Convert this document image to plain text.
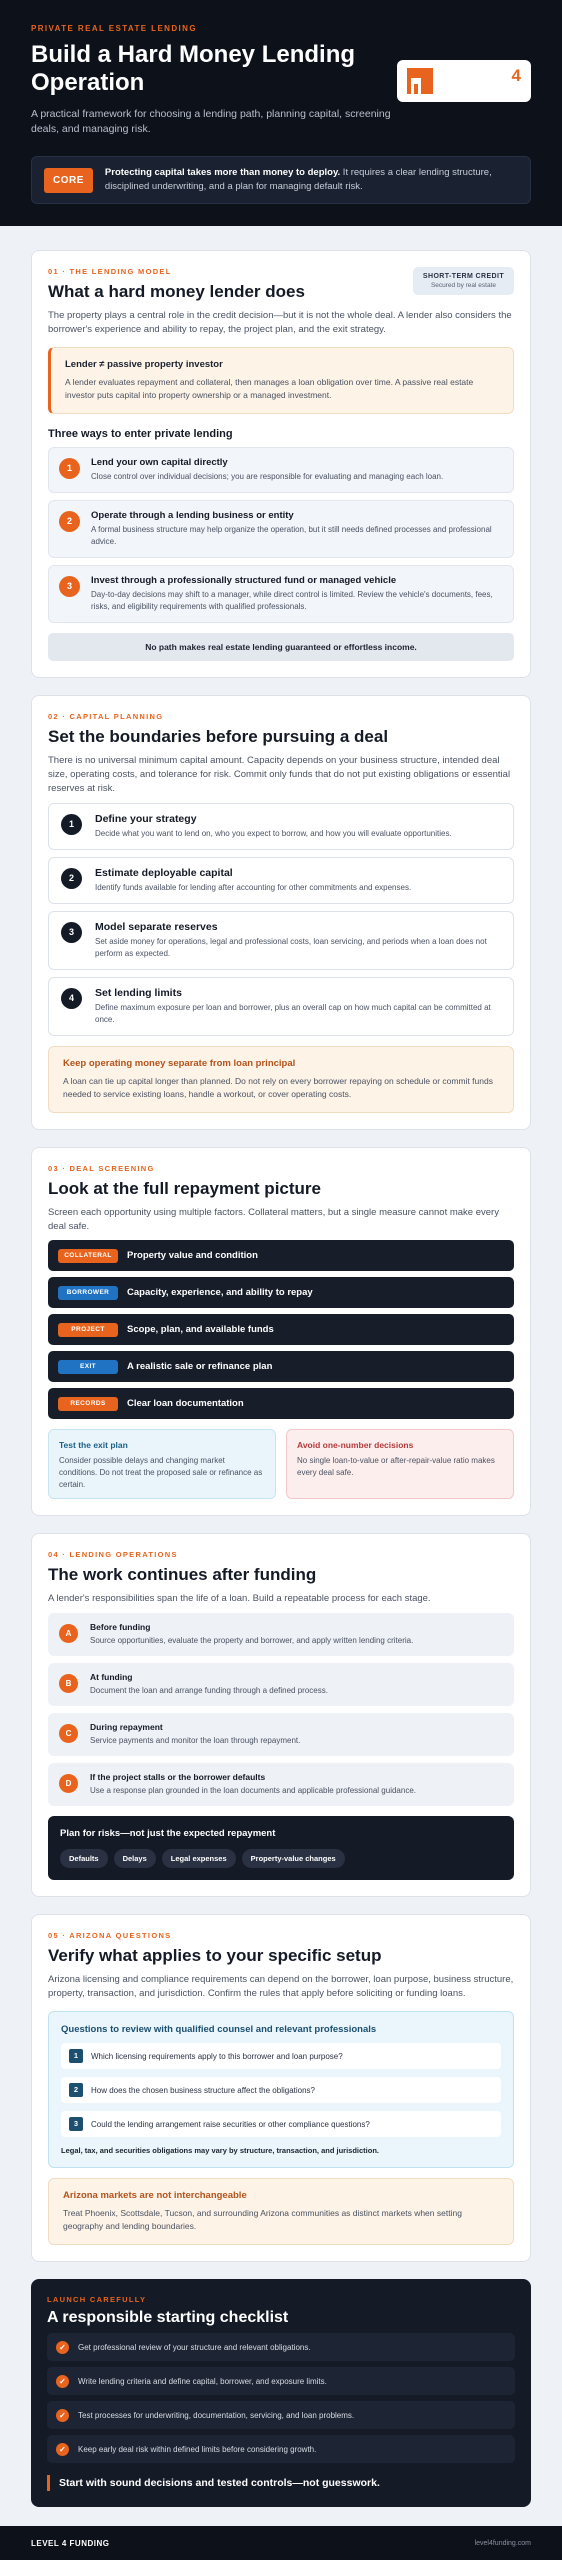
PRIVATE REAL ESTATE LENDING
Build a Hard Money Lending Operation
A practical framework for choosing a lending path, planning capital, screening deals, and managing risk.
4
CORE
Protecting capital takes more than money to deploy. It requires a clear lending structure, disciplined underwriting, and a plan for managing default risk.
01 · THE LENDING MODEL
What a hard money lender does
SHORT-TERM CREDIT
Secured by real estate

The property plays a central role in the credit decision—but it is not the whole deal. A lender also considers the borrower's experience and ability to repay, the project plan, and the exit strategy.

Lender ≠ passive property investor
A lender evaluates repayment and collateral, then manages a loan obligation over time. A passive real estate investor puts capital into property ownership or a managed investment.
Three ways to enter private lending
1	Lend your own capital directly
Close control over individual decisions; you are responsible for evaluating and managing each loan.
2	Operate through a lending business or entity
A formal business structure may help organize the operation, but it still needs defined processes and professional advice.
3	Invest through a professionally structured fund or managed vehicle
Day-to-day decisions may shift to a manager, while direct control is limited. Review the vehicle's documents, fees, risks, and eligibility requirements with qualified professionals.
No path makes real estate lending guaranteed or effortless income.
02 · CAPITAL PLANNING
Set the boundaries before pursuing a deal

There is no universal minimum capital amount. Capacity depends on your business structure, intended deal size, operating costs, and tolerance for risk. Commit only funds that do not put existing obligations or essential reserves at risk.

1	Define your strategy
Decide what you want to lend on, who you expect to borrow, and how you will evaluate opportunities.
2	Estimate deployable capital
Identify funds available for lending after accounting for other commitments and expenses.
3	Model separate reserves
Set aside money for operations, legal and professional costs, loan servicing, and periods when a loan does not perform as expected.
4	Set lending limits
Define maximum exposure per loan and borrower, plus an overall cap on how much capital can be committed at once.
Keep operating money separate from loan principal
A loan can tie up capital longer than planned. Do not rely on every borrower repaying on schedule or commit funds needed to service existing loans, handle a workout, or cover operating costs.
03 · DEAL SCREENING
Look at the full repayment picture

Screen each opportunity using multiple factors. Collateral matters, but a single measure cannot make every deal safe.

COLLATERAL	Property value and condition
BORROWER	Capacity, experience, and ability to repay
PROJECT	Scope, plan, and available funds
EXIT	A realistic sale or refinance plan
RECORDS	Clear loan documentation
Test the exit plan
Consider possible delays and changing market conditions. Do not treat the proposed sale or refinance as certain.
Avoid one-number decisions
No single loan-to-value or after-repair-value ratio makes every deal safe.
04 · LENDING OPERATIONS
The work continues after funding

A lender's responsibilities span the life of a loan. Build a repeatable process for each stage.

A
Before funding
Source opportunities, evaluate the property and borrower, and apply written lending criteria.
B
At funding
Document the loan and arrange funding through a defined process.
C
During repayment
Service payments and monitor the loan through repayment.
D
If the project stalls or the borrower defaults
Use a response plan grounded in the loan documents and applicable professional guidance.
Plan for risks—not just the expected repayment
Defaults	Delays	Legal expenses	Property-value changes
05 · ARIZONA QUESTIONS
Verify what applies to your specific setup

Arizona licensing and compliance requirements can depend on the borrower, loan purpose, business structure, property, transaction, and jurisdiction. Confirm the rules that apply before soliciting or funding loans.

Questions to review with qualified counsel and relevant professionals
1	Which licensing requirements apply to this borrower and loan purpose?
2	How does the chosen business structure affect the obligations?
3	Could the lending arrangement raise securities or other compliance questions?
Legal, tax, and securities obligations may vary by structure, transaction, and jurisdiction.
Arizona markets are not interchangeable
Treat Phoenix, Scottsdale, Tucson, and surrounding Arizona communities as distinct markets when setting geography and lending boundaries.
LAUNCH CAREFULLY
A responsible starting checklist
✓	Get professional review of your structure and relevant obligations.
✓	Write lending criteria and define capital, borrower, and exposure limits.
✓	Test processes for underwriting, documentation, servicing, and loan problems.
✓	Keep early deal risk within defined limits before considering growth.
Start with sound decisions and tested controls—not guesswork.
LEVEL 4 FUNDING	level4funding.com
